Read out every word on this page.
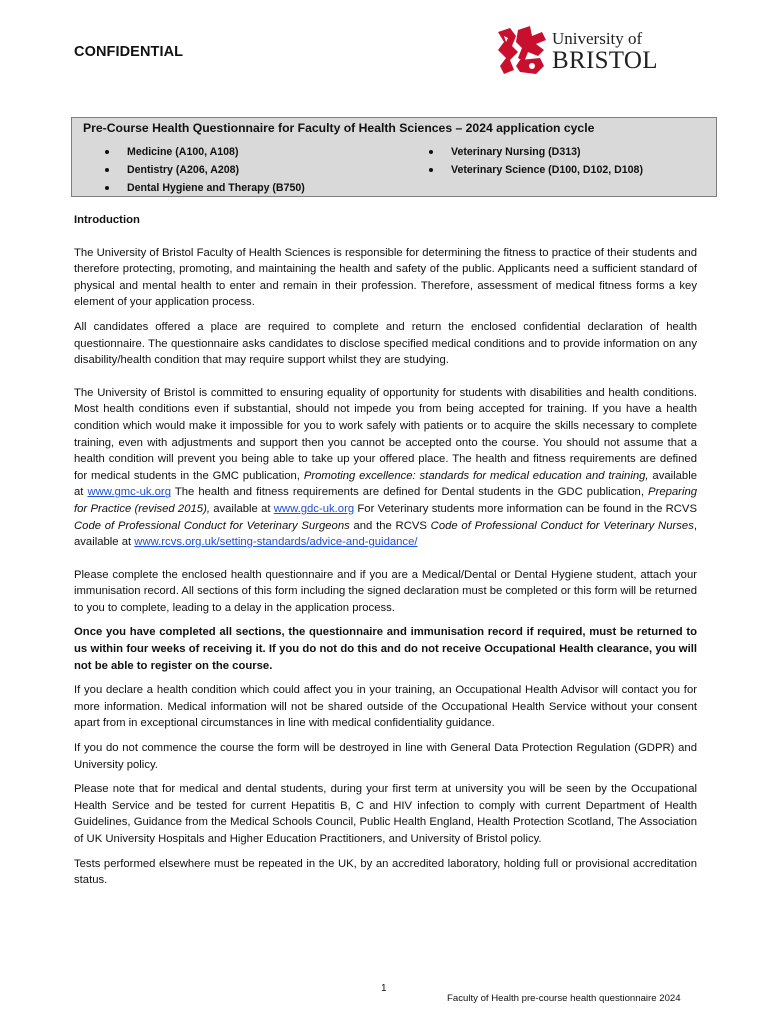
CONFIDENTIAL
University of
BRISTOL
Pre-Course Health Questionnaire for Faculty of Health Sciences – 2024 application cycle
Medicine (A100, A108)
Dentistry (A206, A208)
Dental Hygiene and Therapy (B750)
Veterinary Nursing (D313)
Veterinary Science (D100, D102, D108)

Introduction

The University of Bristol Faculty of Health Sciences is responsible for determining the fitness to practice of their students and therefore protecting, promoting, and maintaining the health and safety of the public. Applicants need a sufficient standard of physical and mental health to enter and remain in their profession. Therefore, assessment of medical fitness forms a key element of your application process.

All candidates offered a place are required to complete and return the enclosed confidential declaration of health questionnaire. The questionnaire asks candidates to disclose specified medical conditions and to provide information on any disability/health condition that may require support whilst they are studying.

The University of Bristol is committed to ensuring equality of opportunity for students with disabilities and health conditions. Most health conditions even if substantial, should not impede you from being accepted for training. If you have a health condition which would make it impossible for you to work safely with patients or to acquire the skills necessary to complete training, even with adjustments and support then you cannot be accepted onto the course. You should not assume that a health condition will prevent you being able to take up your offered place. The health and fitness requirements are defined for medical students in the GMC publication, Promoting excellence: standards for medical education and training, available at www.gmc-uk.org The health and fitness requirements are defined for Dental students in the GDC publication, Preparing for Practice (revised 2015), available at www.gdc-uk.org For Veterinary students more information can be found in the RCVS Code of Professional Conduct for Veterinary Surgeons and the RCVS Code of Professional Conduct for Veterinary Nurses, available at www.rcvs.org.uk/setting-standards/advice-and-guidance/

Please complete the enclosed health questionnaire and if you are a Medical/Dental or Dental Hygiene student, attach your immunisation record. All sections of this form including the signed declaration must be completed or this form will be returned to you to complete, leading to a delay in the application process.

Once you have completed all sections, the questionnaire and immunisation record if required, must be returned to us within four weeks of receiving it. If you do not do this and do not receive Occupational Health clearance, you will not be able to register on the course.

If you declare a health condition which could affect you in your training, an Occupational Health Advisor will contact you for more information. Medical information will not be shared outside of the Occupational Health Service without your consent apart from in exceptional circumstances in line with medical confidentiality guidance.

If you do not commence the course the form will be destroyed in line with General Data Protection Regulation (GDPR) and University policy.

Please note that for medical and dental students, during your first term at university you will be seen by the Occupational Health Service and be tested for current Hepatitis B, C and HIV infection to comply with current Department of Health Guidelines, Guidance from the Medical Schools Council, Public Health England, Health Protection Scotland, The Association of UK University Hospitals and Higher Education Practitioners, and University of Bristol policy.

Tests performed elsewhere must be repeated in the UK, by an accredited laboratory, holding full or provisional accreditation status.

1
Faculty of Health pre-course health questionnaire 2024
